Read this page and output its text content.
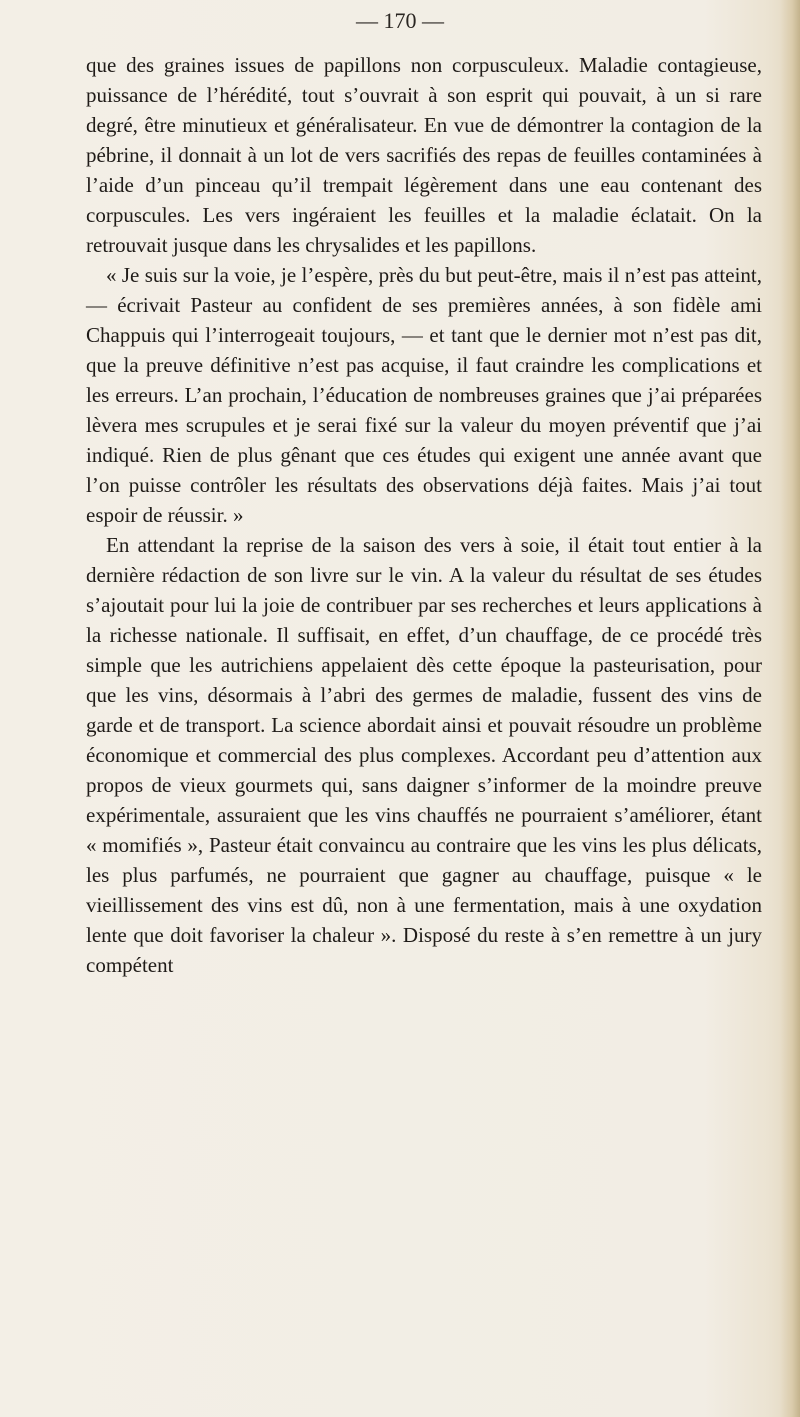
— 170 —

que des graines issues de papillons non corpusculeux. Maladie contagieuse, puissance de l’hérédité, tout s’ouvrait à son esprit qui pouvait, à un si rare degré, être minutieux et généralisateur. En vue de démontrer la contagion de la pébrine, il donnait à un lot de vers sacrifiés des repas de feuilles contaminées à l’aide d’un pinceau qu’il trempait légèrement dans une eau contenant des corpuscules. Les vers ingéraient les feuilles et la maladie éclatait. On la retrouvait jusque dans les chrysalides et les papillons.

« Je suis sur la voie, je l’espère, près du but peut-être, mais il n’est pas atteint, — écrivait Pasteur au confident de ses premières années, à son fidèle ami Chappuis qui l’interrogeait toujours, — et tant que le dernier mot n’est pas dit, que la preuve définitive n’est pas acquise, il faut craindre les complications et les erreurs. L’an prochain, l’éducation de nombreuses graines que j’ai préparées lèvera mes scrupules et je serai fixé sur la valeur du moyen préventif que j’ai indiqué. Rien de plus gênant que ces études qui exigent une année avant que l’on puisse contrôler les résultats des observations déjà faites. Mais j’ai tout espoir de réussir. »

En attendant la reprise de la saison des vers à soie, il était tout entier à la dernière rédaction de son livre sur le vin. A la valeur du résultat de ses études s’ajoutait pour lui la joie de contribuer par ses recherches et leurs applications à la richesse nationale. Il suffisait, en effet, d’un chauffage, de ce procédé très simple que les autrichiens appelaient dès cette époque la pasteurisation, pour que les vins, désormais à l’abri des germes de maladie, fussent des vins de garde et de transport. La science abordait ainsi et pouvait résoudre un problème économique et commercial des plus complexes. Accordant peu d’attention aux propos de vieux gourmets qui, sans daigner s’informer de la moindre preuve expérimentale, assuraient que les vins chauffés ne pourraient s’améliorer, étant « momifiés », Pasteur était convaincu au contraire que les vins les plus délicats, les plus parfumés, ne pourraient que gagner au chauffage, puisque « le vieillissement des vins est dû, non à une fermentation, mais à une oxydation lente que doit favoriser la chaleur ». Disposé du reste à s’en remettre à un jury compétent
